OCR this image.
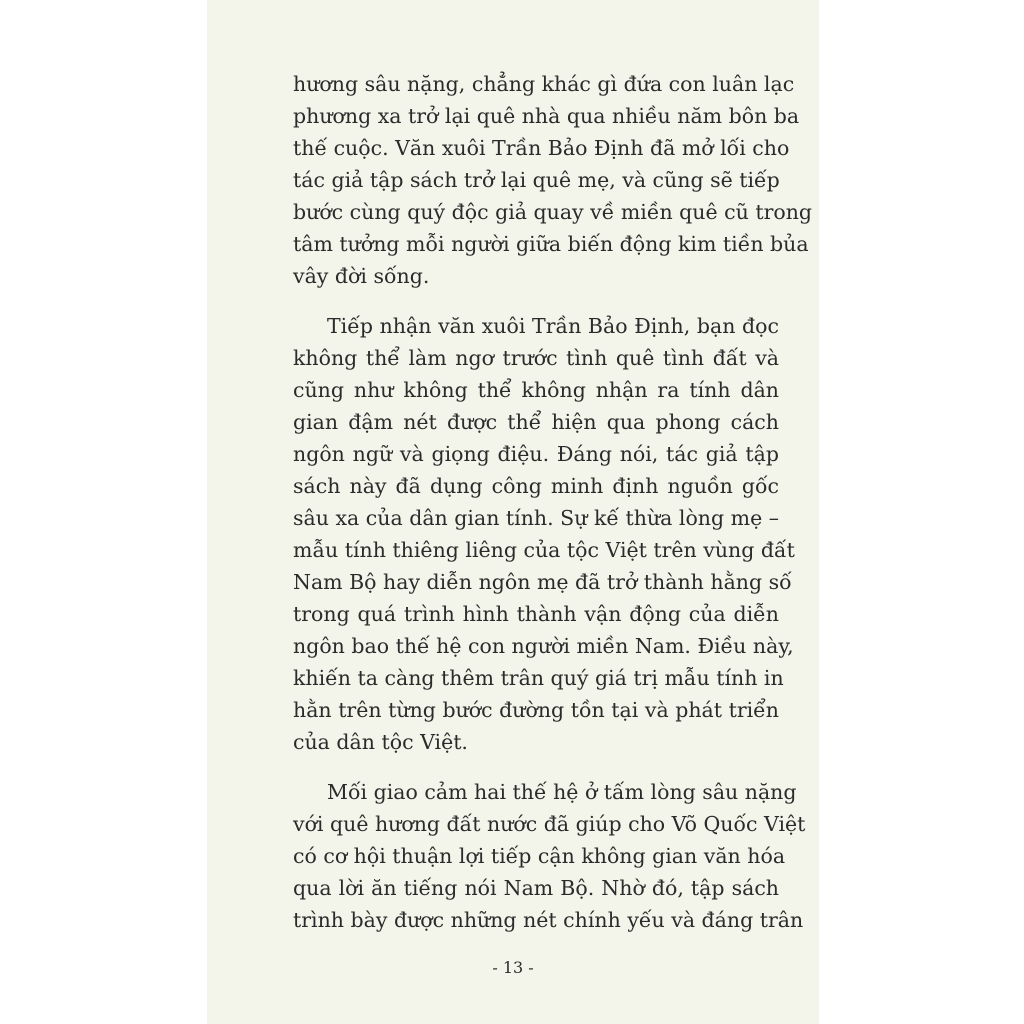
hương sâu nặng, chẳng khác gì đứa con luân lạc
phương xa trở lại quê nhà qua nhiều năm bôn ba
thế cuộc. Văn xuôi Trần Bảo Định đã mở lối cho
tác giả tập sách trở lại quê mẹ, và cũng sẽ tiếp
bước cùng quý độc giả quay về miền quê cũ trong
tâm tưởng mỗi người giữa biến động kim tiền bủa
vây đời sống.
Tiếp nhận văn xuôi Trần Bảo Định, bạn đọc
không thể làm ngơ trước tình quê tình đất và
cũng như không thể không nhận ra tính dân
gian đậm nét được thể hiện qua phong cách
ngôn ngữ và giọng điệu. Đáng nói, tác giả tập
sách này đã dụng công minh định nguồn gốc
sâu xa của dân gian tính. Sự kế thừa lòng mẹ –
mẫu tính thiêng liêng của tộc Việt trên vùng đất
Nam Bộ hay diễn ngôn mẹ đã trở thành hằng số
trong quá trình hình thành vận động của diễn
ngôn bao thế hệ con người miền Nam. Điều này,
khiến ta càng thêm trân quý giá trị mẫu tính in
hằn trên từng bước đường tồn tại và phát triển
của dân tộc Việt.
Mối giao cảm hai thế hệ ở tấm lòng sâu nặng
với quê hương đất nước đã giúp cho Võ Quốc Việt
có cơ hội thuận lợi tiếp cận không gian văn hóa
qua lời ăn tiếng nói Nam Bộ. Nhờ đó, tập sách
trình bày được những nét chính yếu và đáng trân
- 13 -
